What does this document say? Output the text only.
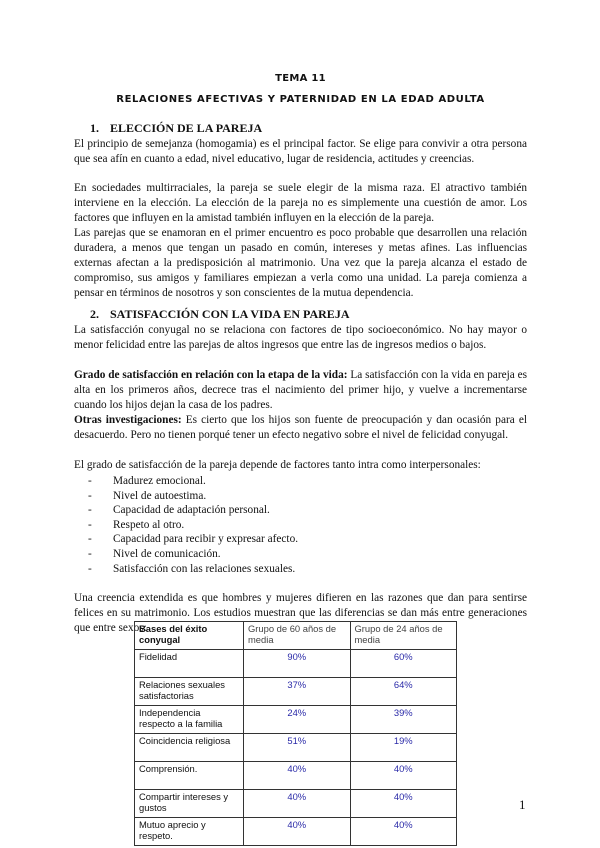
TEMA 11
RELACIONES AFECTIVAS Y PATERNIDAD EN LA EDAD ADULTA
1. ELECCIÓN DE LA PAREJA

El principio de semejanza (homogamia) es el principal factor. Se elige para convivir a otra persona que sea afín en cuanto a edad, nivel educativo, lugar de residencia, actitudes y creencias.

En sociedades multirraciales, la pareja se suele elegir de la misma raza. El atractivo también interviene en la elección. La elección de la pareja no es simplemente una cuestión de amor. Los factores que influyen en la amistad también influyen en la elección de la pareja.

Las parejas que se enamoran en el primer encuentro es poco probable que desarrollen una relación duradera, a menos que tengan un pasado en común, intereses y metas afines. Las influencias externas afectan a la predisposición al matrimonio. Una vez que la pareja alcanza el estado de compromiso, sus amigos y familiares empiezan a verla como una unidad. La pareja comienza a pensar en términos de nosotros y son conscientes de la mutua dependencia.

2. SATISFACCIÓN CON LA VIDA EN PAREJA

La satisfacción conyugal no se relaciona con factores de tipo socioeconómico. No hay mayor o menor felicidad entre las parejas de altos ingresos que entre las de ingresos medios o bajos.

Grado de satisfacción en relación con la etapa de la vida: La satisfacción con la vida en pareja es alta en los primeros años, decrece tras el nacimiento del primer hijo, y vuelve a incrementarse cuando los hijos dejan la casa de los padres.

Otras investigaciones: Es cierto que los hijos son fuente de preocupación y dan ocasión para el desacuerdo. Pero no tienen porqué tener un efecto negativo sobre el nivel de felicidad conyugal.

El grado de satisfacción de la pareja depende de factores tanto intra como interpersonales:

- Madurez emocional.
- Nivel de autoestima.
- Capacidad de adaptación personal.
- Respeto al otro.
- Capacidad para recibir y expresar afecto.
- Nivel de comunicación.
- Satisfacción con las relaciones sexuales.

Una creencia extendida es que hombres y mujeres difieren en las razones que dan para sentirse felices en su matrimonio. Los estudios muestran que las diferencias se dan más entre generaciones que entre sexos:

Bases del éxito conyugal	Grupo de 60 años de media	Grupo de 24 años de media
Fidelidad	90%	60%
Relaciones sexuales satisfactorias	37%	64%
Independencia respecto a la familia	24%	39%
Coincidencia religiosa	51%	19%
Comprensión.	40%	40%
Compartir intereses y gustos	40%	40%
Mutuo aprecio y respeto.	40%	40%
1
